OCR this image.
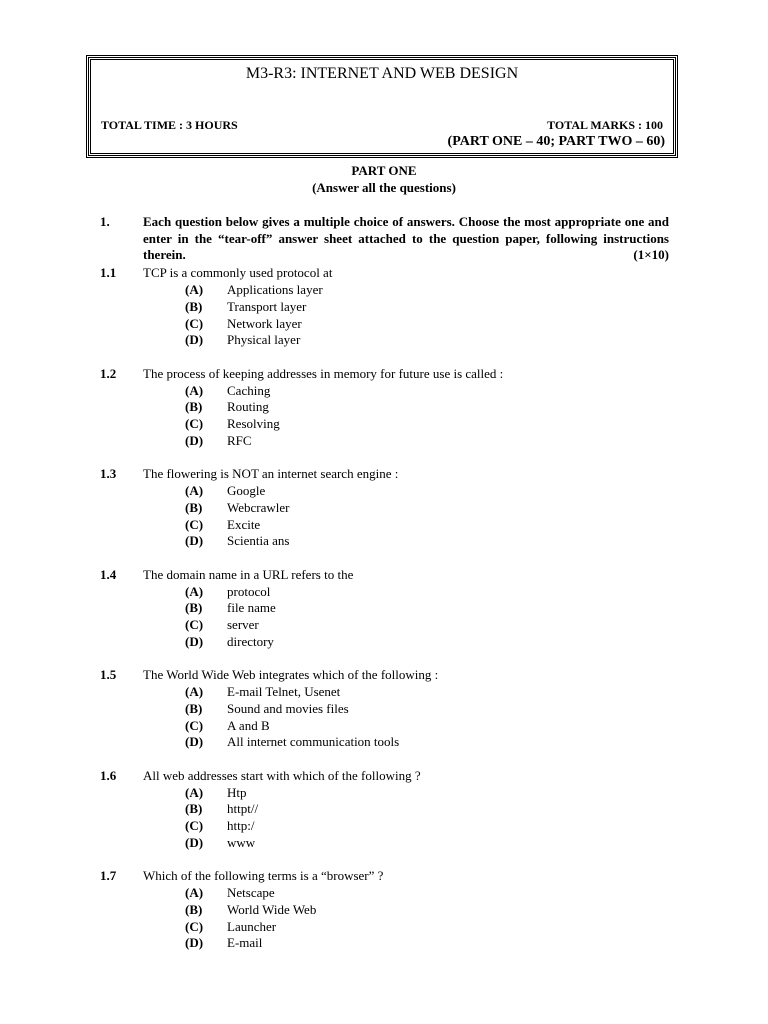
M3-R3: INTERNET AND WEB DESIGN
TOTAL TIME : 3 HOURS	TOTAL MARKS : 100
(PART ONE – 40; PART TWO – 60)
PART ONE
(Answer all the questions)
1.	Each question below gives a multiple choice of answers. Choose the most appropriate one and enter in the “tear-off” answer sheet attached to the question paper, following instructions therein.	(1×10)
1.1 TCP is a commonly used protocol at
(A) Applications layer
(B) Transport layer
(C) Network layer
(D) Physical layer
1.2 The process of keeping addresses in memory for future use is called :
(A) Caching
(B) Routing
(C) Resolving
(D) RFC
1.3 The flowering is NOT an internet search engine :
(A) Google
(B) Webcrawler
(C) Excite
(D) Scientia ans
1.4 The domain name in a URL refers to the
(A) protocol
(B) file name
(C) server
(D) directory
1.5 The World Wide Web integrates which of the following :
(A) E-mail Telnet, Usenet
(B) Sound and movies files
(C) A and B
(D) All internet communication tools
1.6 All web addresses start with which of the following ?
(A) Htp
(B) httpt//
(C) http:/
(D) www
1.7 Which of the following terms is a “browser” ?
(A) Netscape
(B) World Wide Web
(C) Launcher
(D) E-mail
